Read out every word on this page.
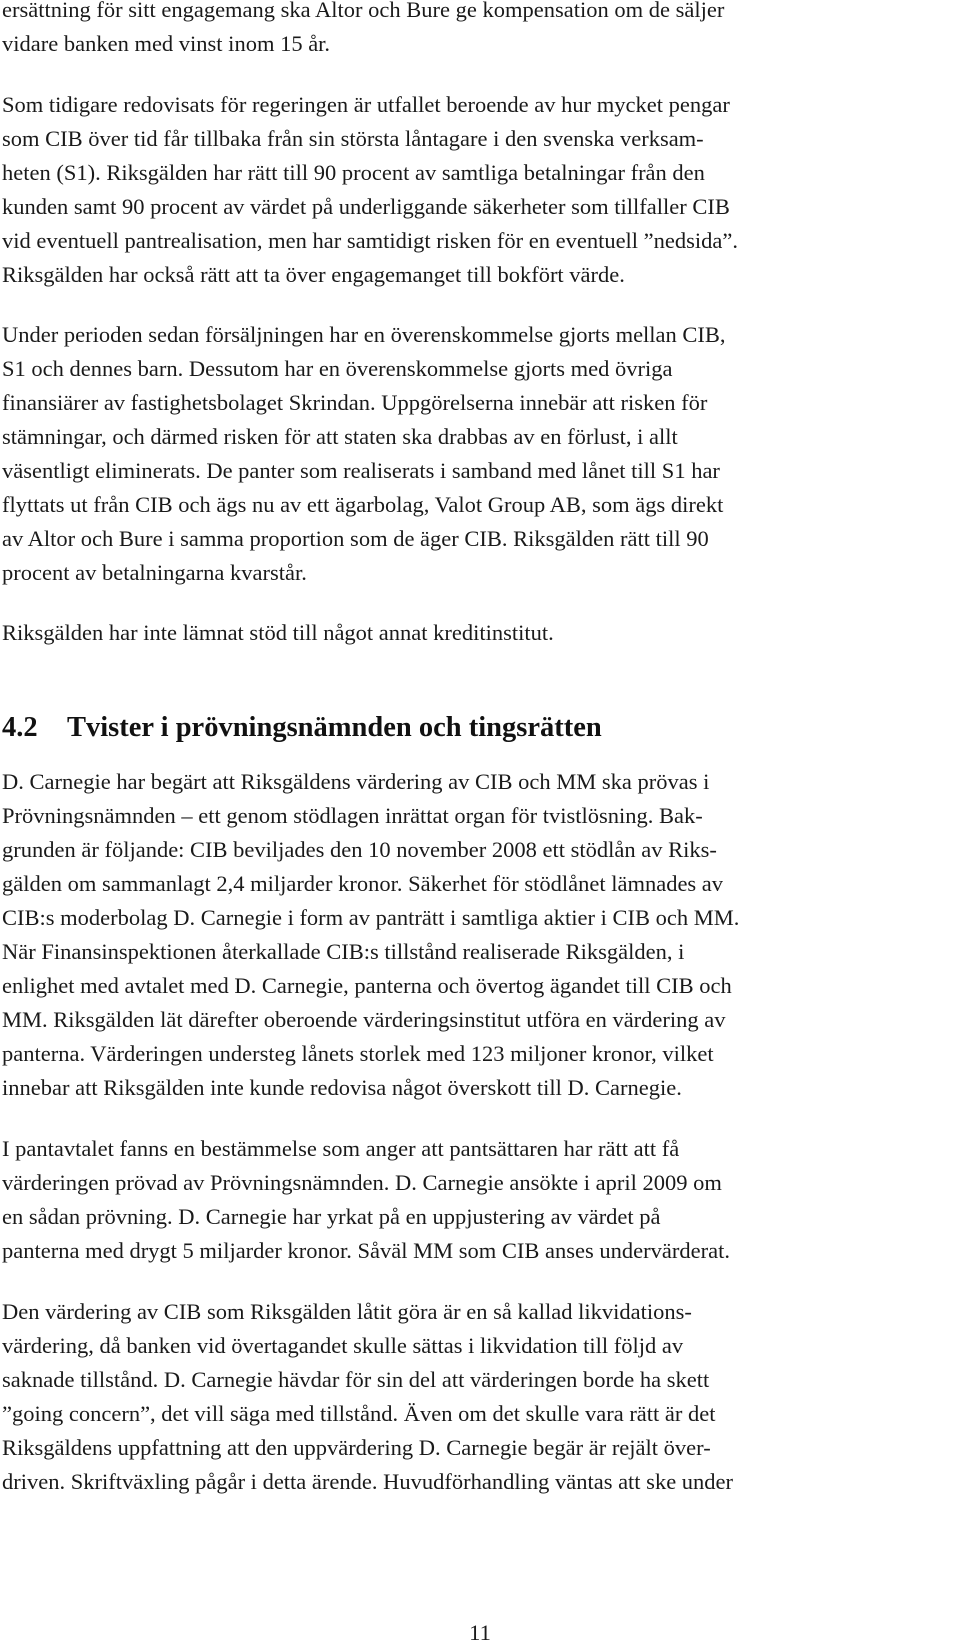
ersättning för sitt engagemang ska Altor och Bure ge kompensation om de säljer
vidare banken med vinst inom 15 år.
Som tidigare redovisats för regeringen är utfallet beroende av hur mycket pengar
som CIB över tid får tillbaka från sin största låntagare i den svenska verksam-
heten (S1). Riksgälden har rätt till 90 procent av samtliga betalningar från den
kunden samt 90 procent av värdet på underliggande säkerheter som tillfaller CIB
vid eventuell pantrealisation, men har samtidigt risken för en eventuell ”nedsida”.
Riksgälden har också rätt att ta över engagemanget till bokfört värde.
Under perioden sedan försäljningen har en överenskommelse gjorts mellan CIB,
S1 och dennes barn. Dessutom har en överenskommelse gjorts med övriga
finansiärer av fastighetsbolaget Skrindan. Uppgörelserna innebär att risken för
stämningar, och därmed risken för att staten ska drabbas av en förlust, i allt
väsentligt eliminerats. De panter som realiserats i samband med lånet till S1 har
flyttats ut från CIB och ägs nu av ett ägarbolag, Valot Group AB, som ägs direkt
av Altor och Bure i samma proportion som de äger CIB. Riksgälden rätt till 90
procent av betalningarna kvarstår.
Riksgälden har inte lämnat stöd till något annat kreditinstitut.
4.2 Tvister i prövningsnämnden och tingsrätten
D. Carnegie har begärt att Riksgäldens värdering av CIB och MM ska prövas i
Prövningsnämnden – ett genom stödlagen inrättat organ för tvistlösning. Bak-
grunden är följande: CIB beviljades den 10 november 2008 ett stödlån av Riks-
gälden om sammanlagt 2,4 miljarder kronor. Säkerhet för stödlånet lämnades av
CIB:s moderbolag D. Carnegie i form av panträtt i samtliga aktier i CIB och MM.
När Finansinspektionen återkallade CIB:s tillstånd realiserade Riksgälden, i
enlighet med avtalet med D. Carnegie, panterna och övertog ägandet till CIB och
MM. Riksgälden lät därefter oberoende värderingsinstitut utföra en värdering av
panterna. Värderingen understeg lånets storlek med 123 miljoner kronor, vilket
innebar att Riksgälden inte kunde redovisa något överskott till D. Carnegie.
I pantavtalet fanns en bestämmelse som anger att pantsättaren har rätt att få
värderingen prövad av Prövningsnämnden. D. Carnegie ansökte i april 2009 om
en sådan prövning. D. Carnegie har yrkat på en uppjustering av värdet på
panterna med drygt 5 miljarder kronor. Såväl MM som CIB anses undervärderat.
Den värdering av CIB som Riksgälden låtit göra är en så kallad likvidations-
värdering, då banken vid övertagandet skulle sättas i likvidation till följd av
saknade tillstånd. D. Carnegie hävdar för sin del att värderingen borde ha skett
”going concern”, det vill säga med tillstånd. Även om det skulle vara rätt är det
Riksgäldens uppfattning att den uppvärdering D. Carnegie begär är rejält över-
driven. Skriftväxling pågår i detta ärende. Huvudförhandling väntas att ske under
11
